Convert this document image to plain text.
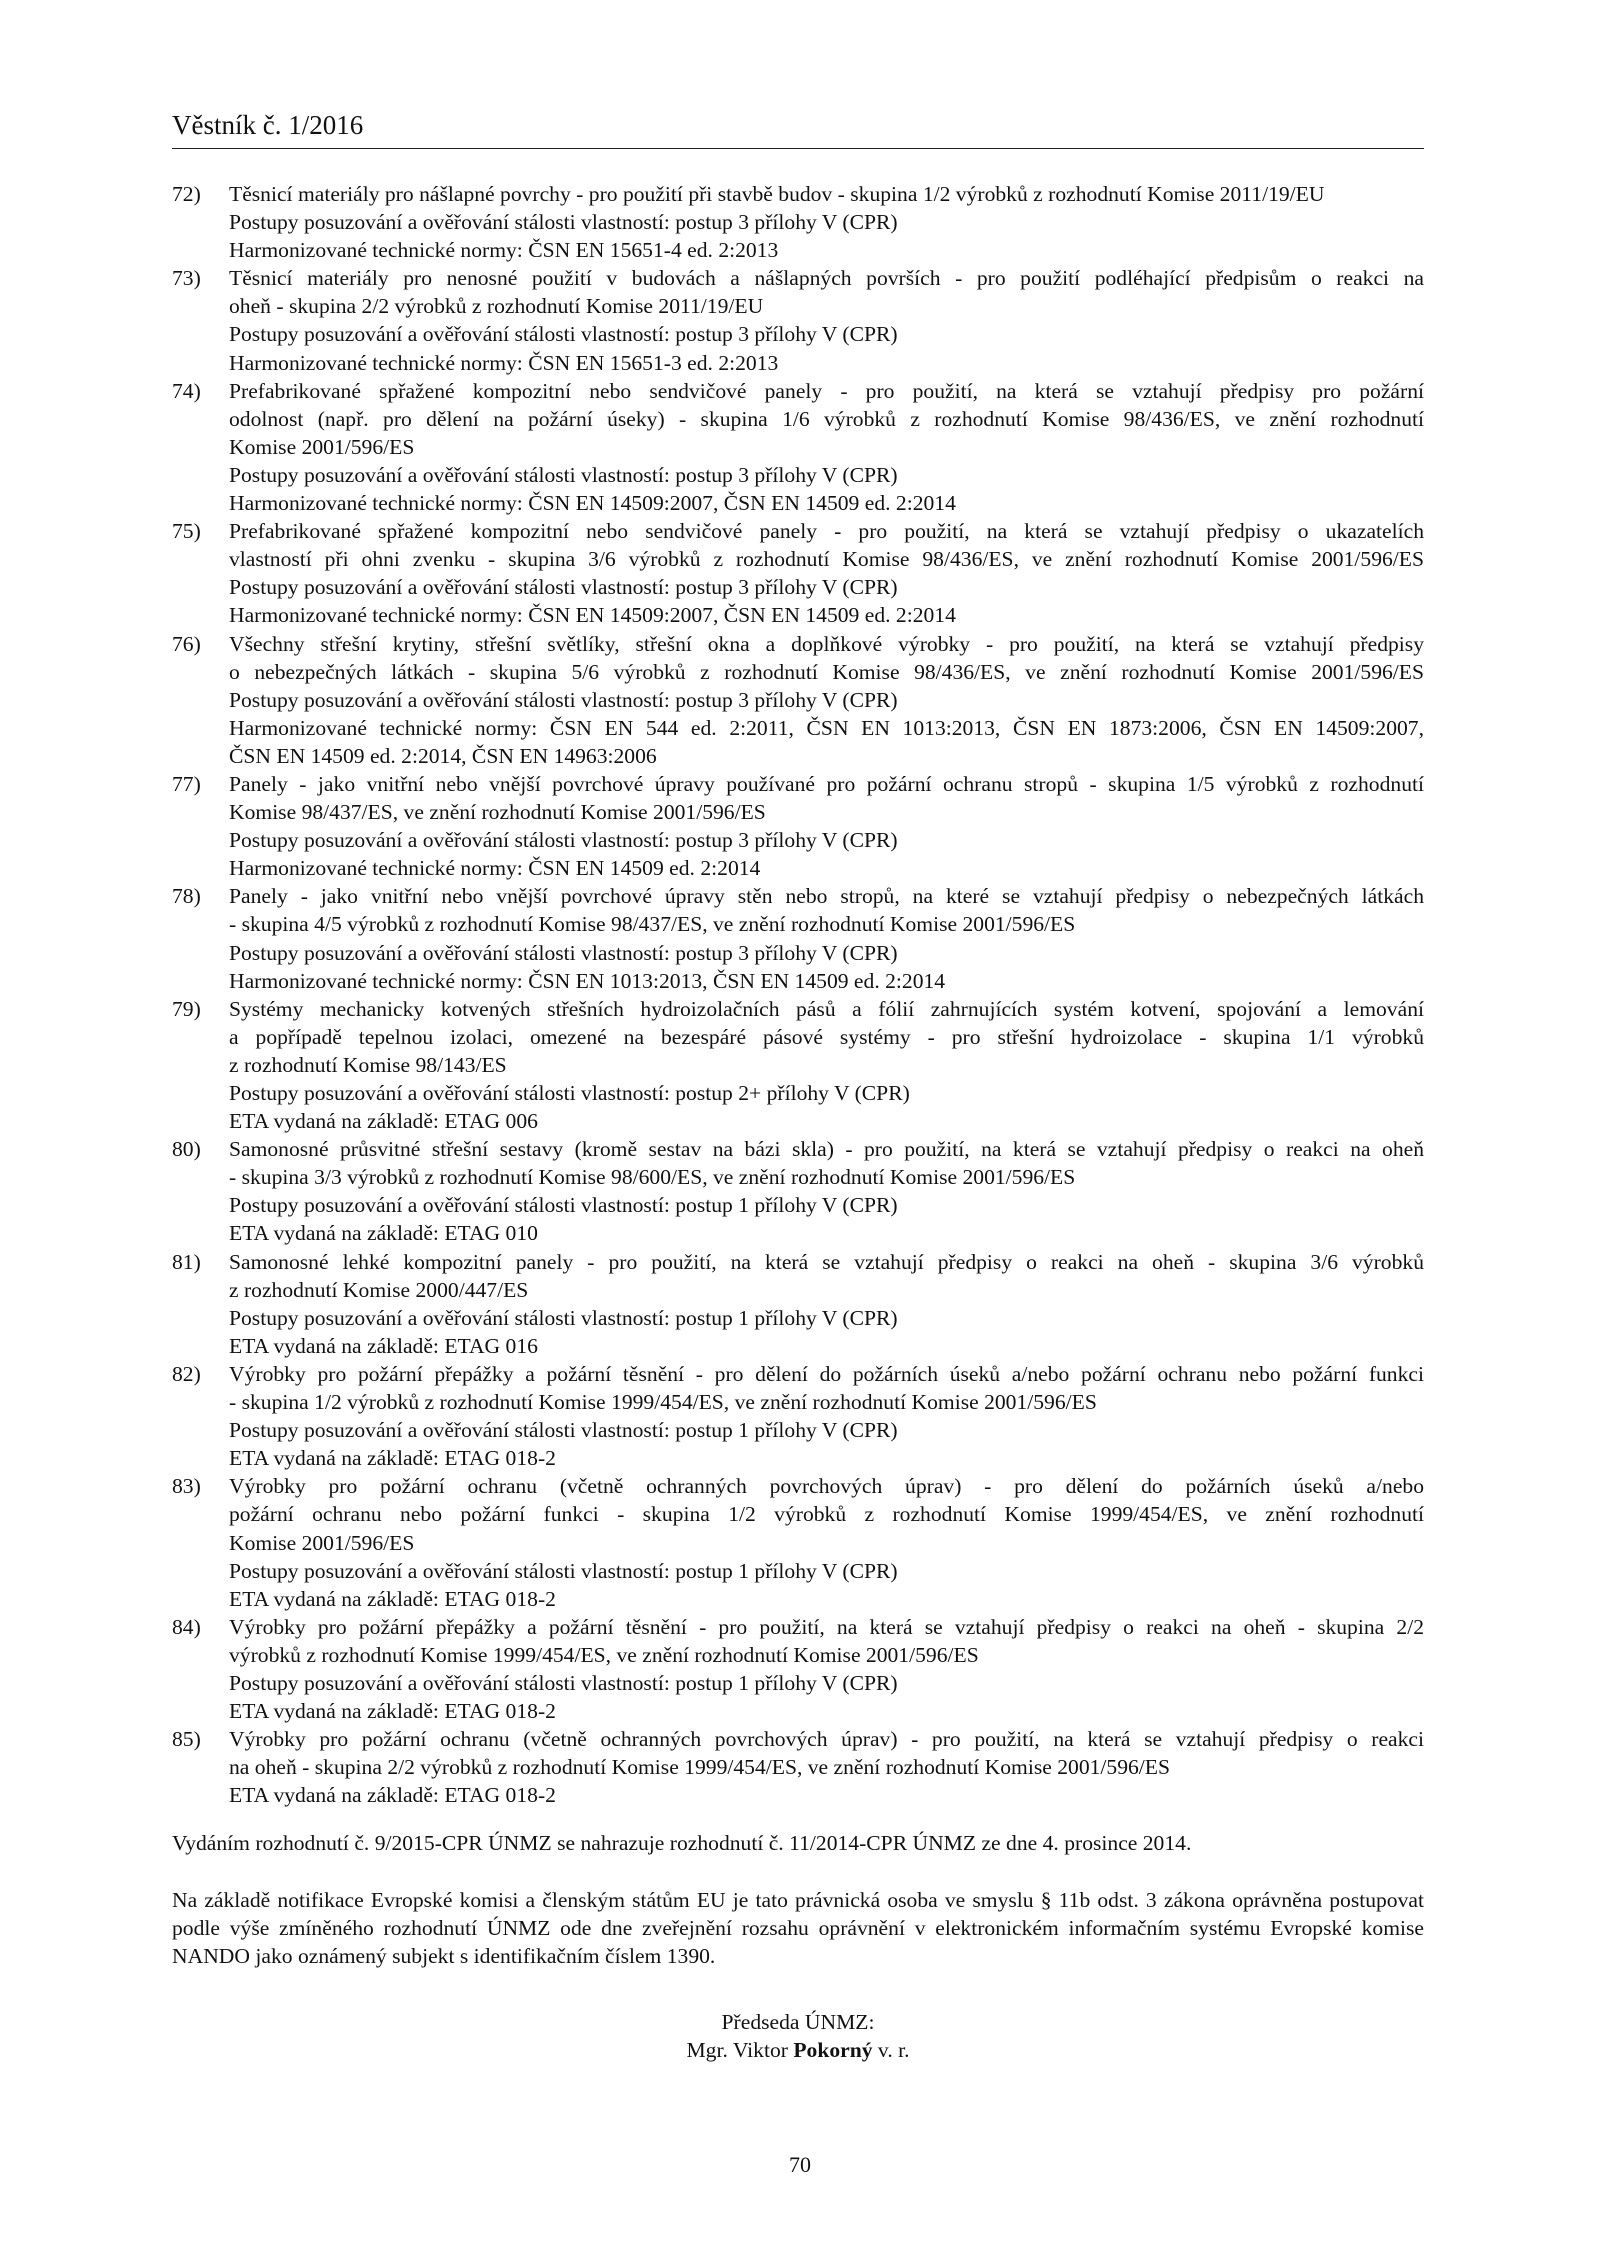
Věstník č. 1/2016
72) Těsnicí materiály pro nášlapné povrchy - pro použití při stavbě budov - skupina 1/2 výrobků z rozhodnutí Komise 2011/19/EU
Postupy posuzování a ověřování stálosti vlastností: postup 3 přílohy V (CPR)
Harmonizované technické normy: ČSN EN 15651-4 ed. 2:2013
73) Těsnicí materiály pro nenosné použití v budovách a nášlapných površích - pro použití podléhající předpisům o reakci na
oheň - skupina 2/2 výrobků z rozhodnutí Komise 2011/19/EU
Postupy posuzování a ověřování stálosti vlastností: postup 3 přílohy V (CPR)
Harmonizované technické normy: ČSN EN 15651-3 ed. 2:2013
74) Prefabrikované spřažené kompozitní nebo sendvičové panely - pro použití, na která se vztahují předpisy pro požární
odolnost (např. pro dělení na požární úseky) - skupina 1/6 výrobků z rozhodnutí Komise 98/436/ES, ve znění rozhodnutí
Komise 2001/596/ES
Postupy posuzování a ověřování stálosti vlastností: postup 3 přílohy V (CPR)
Harmonizované technické normy: ČSN EN 14509:2007, ČSN EN 14509 ed. 2:2014
75) Prefabrikované spřažené kompozitní nebo sendvičové panely - pro použití, na která se vztahují předpisy o ukazatelích
vlastností při ohni zvenku - skupina 3/6 výrobků z rozhodnutí Komise 98/436/ES, ve znění rozhodnutí Komise 2001/596/ES
Postupy posuzování a ověřování stálosti vlastností: postup 3 přílohy V (CPR)
Harmonizované technické normy: ČSN EN 14509:2007, ČSN EN 14509 ed. 2:2014
76) Všechny střešní krytiny, střešní světlíky, střešní okna a doplňkové výrobky - pro použití, na která se vztahují předpisy
o nebezpečných látkách - skupina 5/6 výrobků z rozhodnutí Komise 98/436/ES, ve znění rozhodnutí Komise 2001/596/ES
Postupy posuzování a ověřování stálosti vlastností: postup 3 přílohy V (CPR)
Harmonizované technické normy: ČSN EN 544 ed. 2:2011, ČSN EN 1013:2013, ČSN EN 1873:2006, ČSN EN 14509:2007,
ČSN EN 14509 ed. 2:2014, ČSN EN 14963:2006
77) Panely - jako vnitřní nebo vnější povrchové úpravy používané pro požární ochranu stropů - skupina 1/5 výrobků z rozhodnutí
Komise 98/437/ES, ve znění rozhodnutí Komise 2001/596/ES
Postupy posuzování a ověřování stálosti vlastností: postup 3 přílohy V (CPR)
Harmonizované technické normy: ČSN EN 14509 ed. 2:2014
78) Panely - jako vnitřní nebo vnější povrchové úpravy stěn nebo stropů, na které se vztahují předpisy o nebezpečných látkách
- skupina 4/5 výrobků z rozhodnutí Komise 98/437/ES, ve znění rozhodnutí Komise 2001/596/ES
Postupy posuzování a ověřování stálosti vlastností: postup 3 přílohy V (CPR)
Harmonizované technické normy: ČSN EN 1013:2013, ČSN EN 14509 ed. 2:2014
79) Systémy mechanicky kotvených střešních hydroizolačních pásů a fólií zahrnujících systém kotvení, spojování a lemování
a popřípadě tepelnou izolaci, omezené na bezespáré pásové systémy - pro střešní hydroizolace - skupina 1/1 výrobků
z rozhodnutí Komise 98/143/ES
Postupy posuzování a ověřování stálosti vlastností: postup 2+ přílohy V (CPR)
ETA vydaná na základě: ETAG 006
80) Samonosné průsvitné střešní sestavy (kromě sestav na bázi skla) - pro použití, na která se vztahují předpisy o reakci na oheň
- skupina 3/3 výrobků z rozhodnutí Komise 98/600/ES, ve znění rozhodnutí Komise 2001/596/ES
Postupy posuzování a ověřování stálosti vlastností: postup 1 přílohy V (CPR)
ETA vydaná na základě: ETAG 010
81) Samonosné lehké kompozitní panely - pro použití, na která se vztahují předpisy o reakci na oheň - skupina 3/6 výrobků
z rozhodnutí Komise 2000/447/ES
Postupy posuzování a ověřování stálosti vlastností: postup 1 přílohy V (CPR)
ETA vydaná na základě: ETAG 016
82) Výrobky pro požární přepážky a požární těsnění - pro dělení do požárních úseků a/nebo požární ochranu nebo požární funkci
- skupina 1/2 výrobků z rozhodnutí Komise 1999/454/ES, ve znění rozhodnutí Komise 2001/596/ES
Postupy posuzování a ověřování stálosti vlastností: postup 1 přílohy V (CPR)
ETA vydaná na základě: ETAG 018-2
83) Výrobky pro požární ochranu (včetně ochranných povrchových úprav) - pro dělení do požárních úseků a/nebo
požární ochranu nebo požární funkci - skupina 1/2 výrobků z rozhodnutí Komise 1999/454/ES, ve znění rozhodnutí
Komise 2001/596/ES
Postupy posuzování a ověřování stálosti vlastností: postup 1 přílohy V (CPR)
ETA vydaná na základě: ETAG 018-2
84) Výrobky pro požární přepážky a požární těsnění - pro použití, na která se vztahují předpisy o reakci na oheň - skupina 2/2
výrobků z rozhodnutí Komise 1999/454/ES, ve znění rozhodnutí Komise 2001/596/ES
Postupy posuzování a ověřování stálosti vlastností: postup 1 přílohy V (CPR)
ETA vydaná na základě: ETAG 018-2
85) Výrobky pro požární ochranu (včetně ochranných povrchových úprav) - pro použití, na která se vztahují předpisy o reakci
na oheň - skupina 2/2 výrobků z rozhodnutí Komise 1999/454/ES, ve znění rozhodnutí Komise 2001/596/ES
ETA vydaná na základě: ETAG 018-2

Vydáním rozhodnutí č. 9/2015-CPR ÚNMZ se nahrazuje rozhodnutí č. 11/2014-CPR ÚNMZ ze dne 4. prosince 2014.

Na základě notifikace Evropské komisi a členským státům EU je tato právnická osoba ve smyslu § 11b odst. 3 zákona oprávněna postupovat podle výše zmíněného rozhodnutí ÚNMZ ode dne zveřejnění rozsahu oprávnění v elektronickém informačním systému Evropské komise NANDO jako oznámený subjekt s identifikačním číslem 1390.

Předseda ÚNMZ:
Mgr. Viktor Pokorný v. r.
70
